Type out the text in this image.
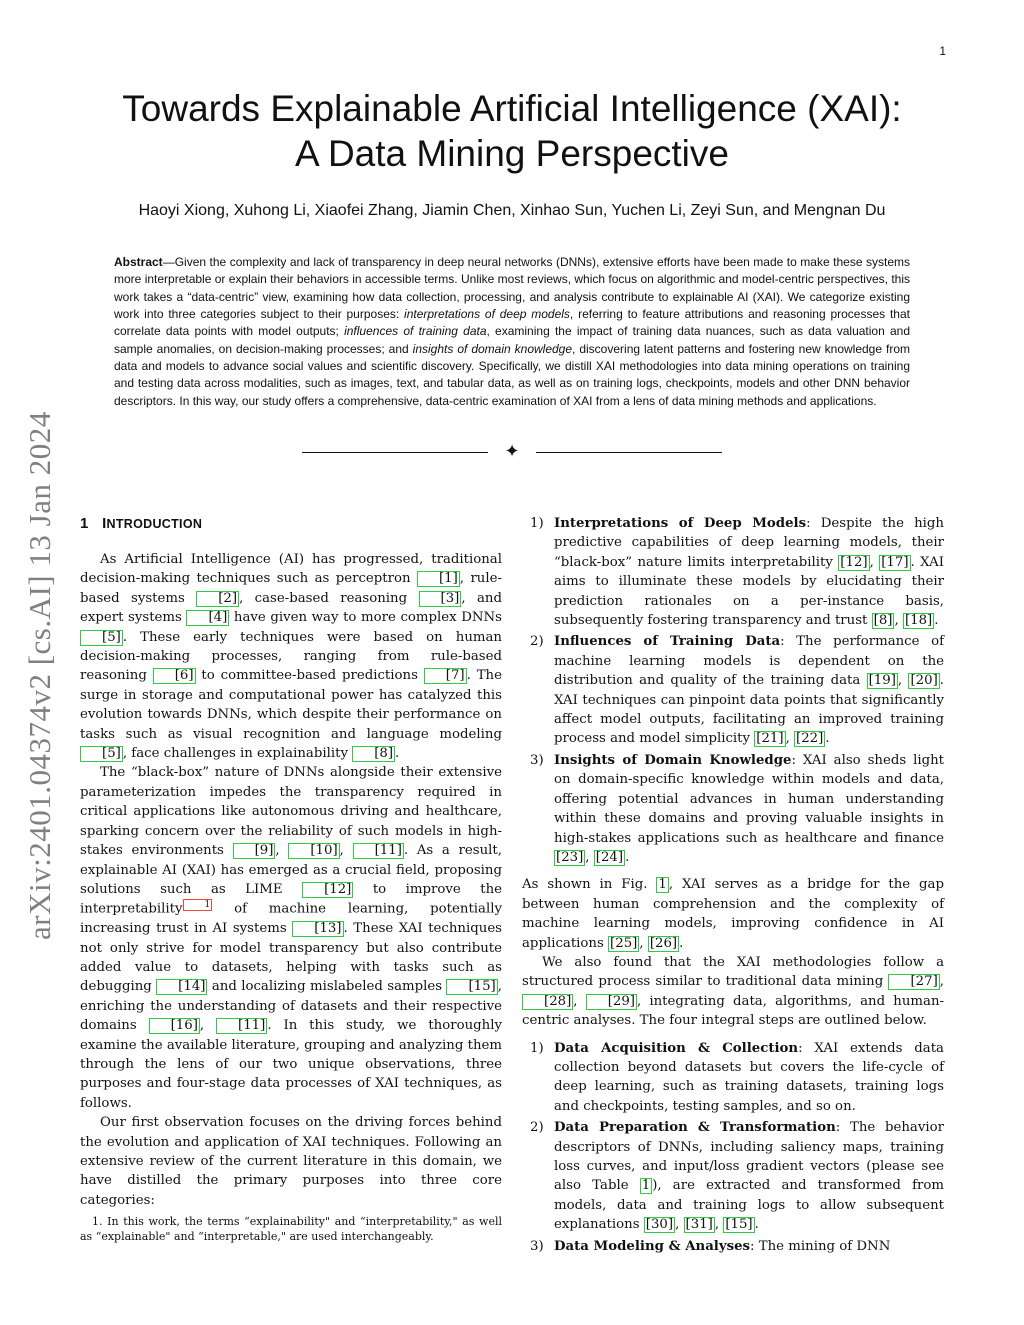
1
arXiv:2401.04374v2 [cs.AI] 13 Jan 2024
Towards Explainable Artificial Intelligence (XAI):
A Data Mining Perspective
Haoyi Xiong, Xuhong Li, Xiaofei Zhang, Jiamin Chen, Xinhao Sun, Yuchen Li, Zeyi Sun, and Mengnan Du

Abstract—Given the complexity and lack of transparency in deep neural networks (DNNs), extensive efforts have been made to make these systems more interpretable or explain their behaviors in accessible terms. Unlike most reviews, which focus on algorithmic and model-centric perspectives, this work takes a “data-centric” view, examining how data collection, processing, and analysis contribute to explainable AI (XAI). We categorize existing work into three categories subject to their purposes: interpretations of deep models, referring to feature attributions and reasoning processes that correlate data points with model outputs; influences of training data, examining the impact of training data nuances, such as data valuation and sample anomalies, on decision-making processes; and insights of domain knowledge, discovering latent patterns and fostering new knowledge from data and models to advance social values and scientific discovery. Specifically, we distill XAI methodologies into data mining operations on training and testing data across modalities, such as images, text, and tabular data, as well as on training logs, checkpoints, models and other DNN behavior descriptors. In this way, our study offers a comprehensive, data-centric examination of XAI from a lens of data mining methods and applications.

✦
1 INTRODUCTION

As Artificial Intelligence (AI) has progressed, traditional decision-making techniques such as perceptron [1] , rule-based systems [2] , case-based reasoning [3] , and expert systems [4] have given way to more complex DNNs [5] . These early techniques were based on human decision-making processes, ranging from rule-based reasoning [6] to committee-based predictions [7] . The surge in storage and computational power has catalyzed this evolution towards DNNs, which despite their performance on tasks such as visual recognition and language modeling [5] , face challenges in explainability [8] .

The “black-box” nature of DNNs alongside their extensive parameterization impedes the transparency required in critical applications like autonomous driving and healthcare, sparking concern over the reliability of such models in high-stakes environments [9] , [10] , [11] . As a result, explainable AI (XAI) has emerged as a crucial field, proposing solutions such as LIME [12] to improve the interpretability 1 of machine learning, potentially increasing trust in AI systems [13] . These XAI techniques not only strive for model transparency but also contribute added value to datasets, helping with tasks such as debugging [14] and localizing mislabeled samples [15] , enriching the understanding of datasets and their respective domains [16] , [11] . In this study, we thoroughly examine the available literature, grouping and analyzing them through the lens of our two unique observations, three purposes and four-stage data processes of XAI techniques, as follows.

Our first observation focuses on the driving forces behind the evolution and application of XAI techniques. Following an extensive review of the current literature in this domain, we have distilled the primary purposes into three core categories:

1. In this work, the terms “explainability" and “interpretability," as well as “explainable" and “interpretable," are used interchangeably.

1) Interpretations of Deep Models: Despite the high predictive capabilities of deep learning models, their “black-box” nature limits interpretability [12] , [17] . XAI aims to illuminate these models by elucidating their prediction rationales on a per-instance basis, subsequently fostering transparency and trust [8] , [18] .
2) Influences of Training Data: The performance of machine learning models is dependent on the distribution and quality of the training data [19] , [20] . XAI techniques can pinpoint data points that significantly affect model outputs, facilitating an improved training process and model simplicity [21] , [22] .
3) Insights of Domain Knowledge: XAI also sheds light on domain-specific knowledge within models and data, offering potential advances in human understanding within these domains and proving valuable insights in high-stakes applications such as healthcare and finance [23] , [24] .

As shown in Fig. 1 , XAI serves as a bridge for the gap between human comprehension and the complexity of machine learning models, improving confidence in AI applications [25] , [26] .

We also found that the XAI methodologies follow a structured process similar to traditional data mining [27] , [28] , [29] , integrating data, algorithms, and human-centric analyses. The four integral steps are outlined below.

1) Data Acquisition & Collection: XAI extends data collection beyond datasets but covers the life-cycle of deep learning, such as training datasets, training logs and checkpoints, testing samples, and so on.
2) Data Preparation & Transformation: The behavior descriptors of DNNs, including saliency maps, training loss curves, and input/loss gradient vectors (please see also Table 1 ), are extracted and transformed from models, data and training logs to allow subsequent explanations [30] , [31] , [15] .
3) Data Modeling & Analyses: The mining of DNN
